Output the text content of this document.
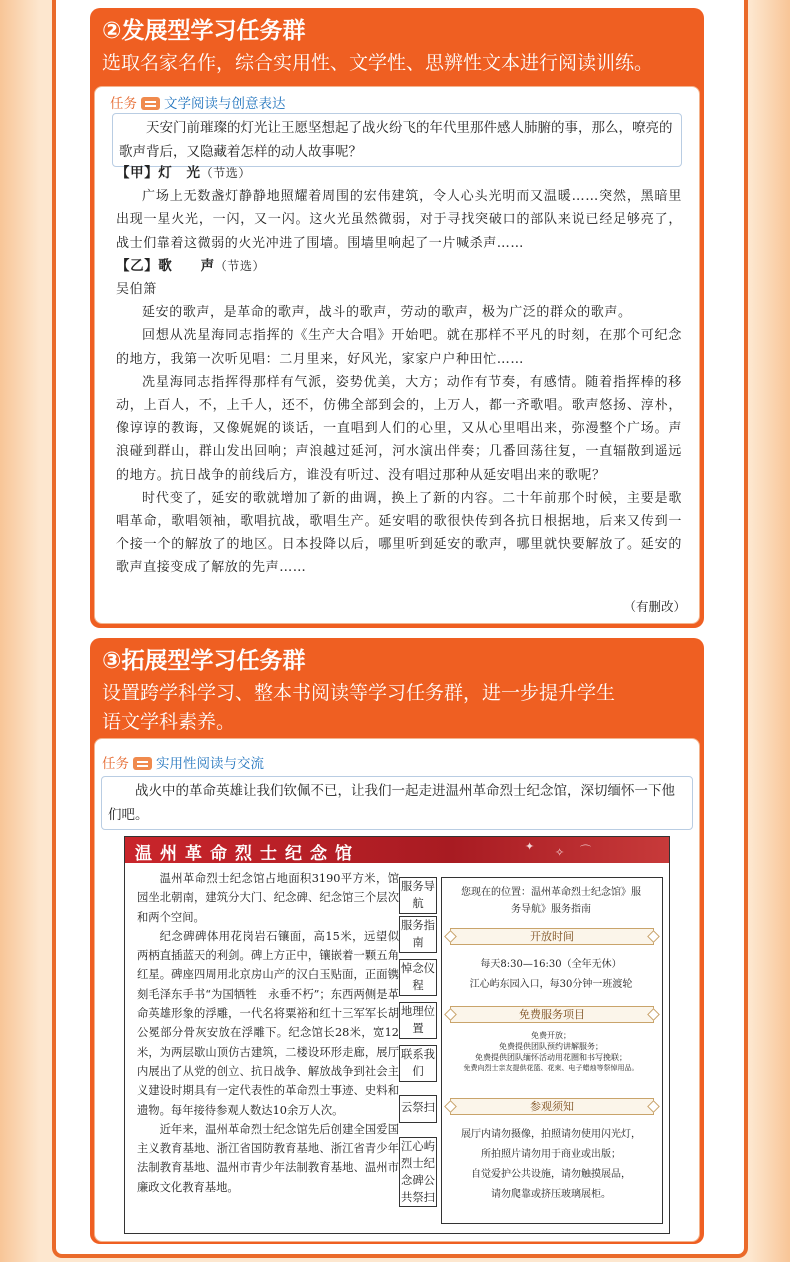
②发展型学习任务群
选取名家名作，综合实用性、文学性、思辨性文本进行阅读训练。
任务 文学阅读与创意表达
天安门前璀璨的灯光让王愿坚想起了战火纷飞的年代里那件感人肺腑的事，那么，嘹亮的歌声背后，又隐藏着怎样的动人故事呢？

【甲】灯　光（节选）

广场上无数盏灯静静地照耀着周围的宏伟建筑，令人心头光明而又温暖……突然，黑暗里出现一星火光，一闪，又一闪。这火光虽然微弱，对于寻找突破口的部队来说已经足够亮了，战士们靠着这微弱的火光冲进了围墙。围墙里响起了一片喊杀声……

【乙】歌　　声（节选）

吴伯箫

延安的歌声，是革命的歌声，战斗的歌声，劳动的歌声，极为广泛的群众的歌声。

回想从冼星海同志指挥的《生产大合唱》开始吧。就在那样不平凡的时刻，在那个可纪念的地方，我第一次听见唱：二月里来，好风光，家家户户种田忙……

冼星海同志指挥得那样有气派，姿势优美，大方；动作有节奏，有感情。随着指挥棒的移动，上百人，不，上千人，还不，仿佛全部到会的，上万人，都一齐歌唱。歌声悠扬、淳朴，像谆谆的教诲，又像娓娓的谈话，一直唱到人们的心里，又从心里唱出来，弥漫整个广场。声浪碰到群山，群山发出回响；声浪越过延河，河水演出伴奏；几番回荡往复，一直辐散到遥远的地方。抗日战争的前线后方，谁没有听过、没有唱过那种从延安唱出来的歌呢？

时代变了，延安的歌就增加了新的曲调，换上了新的内容。二十年前那个时候，主要是歌唱革命，歌唱领袖，歌唱抗战，歌唱生产。延安唱的歌很快传到各抗日根据地，后来又传到一个接一个的解放了的地区。日本投降以后，哪里听到延安的歌声，哪里就快要解放了。延安的歌声直接变成了解放的先声……

（有删改）
③拓展型学习任务群
设置跨学科学习、整本书阅读等学习任务群，进一步提升学生
语文学科素养。
任务 实用性阅读与交流
战火中的革命英雄让我们钦佩不已，让我们一起走进温州革命烈士纪念馆，深切缅怀一下他们吧。
温州革命烈士纪念馆	✦ ✧ ⌒

温州革命烈士纪念馆占地面积3190平方米，馆园坐北朝南，建筑分大门、纪念碑、纪念馆三个层次和两个空间。

纪念碑碑体用花岗岩石镶面，高15米，远望似两柄直插蓝天的利剑。碑上方正中，镶嵌着一颗五角红星。碑座四周用北京房山产的汉白玉贴面，正面镌刻毛泽东手书“为国牺牲　永垂不朽”；东西两侧是革命英雄形象的浮雕，一代名将粟裕和红十三军军长胡公冕部分骨灰安放在浮雕下。纪念馆长28米，宽12米，为两层歇山顶仿古建筑，二楼设环形走廊，展厅内展出了从党的创立、抗日战争、解放战争到社会主义建设时期具有一定代表性的革命烈士事迹、史料和遗物。每年接待参观人数达10余万人次。

近年来，温州革命烈士纪念馆先后创建全国爱国主义教育基地、浙江省国防教育基地、浙江省青少年法制教育基地、温州市青少年法制教育基地、温州市廉政文化教育基地。

服务导航
服务指南
悼念仪程
地理位置
联系我们
云祭扫
江心屿烈士纪念碑公共祭扫
您现在的位置：温州革命烈士纪念馆》服务导航》服务指南
开放时间
每天8:30—16:30（全年无休）
江心屿东园入口，每30分钟一班渡轮
免费服务项目
免费开放；
免费提供团队预约讲解服务；
免费提供团队缅怀活动用花圈和书写挽联；
免费向烈士亲友提供花篮、花束、电子蜡烛等祭悼用品。
参观须知
展厅内请勿摄像，拍照请勿使用闪光灯，
所拍照片请勿用于商业或出版；
自觉爱护公共设施，请勿触摸展品，
请勿爬靠或挤压玻璃展柜。
